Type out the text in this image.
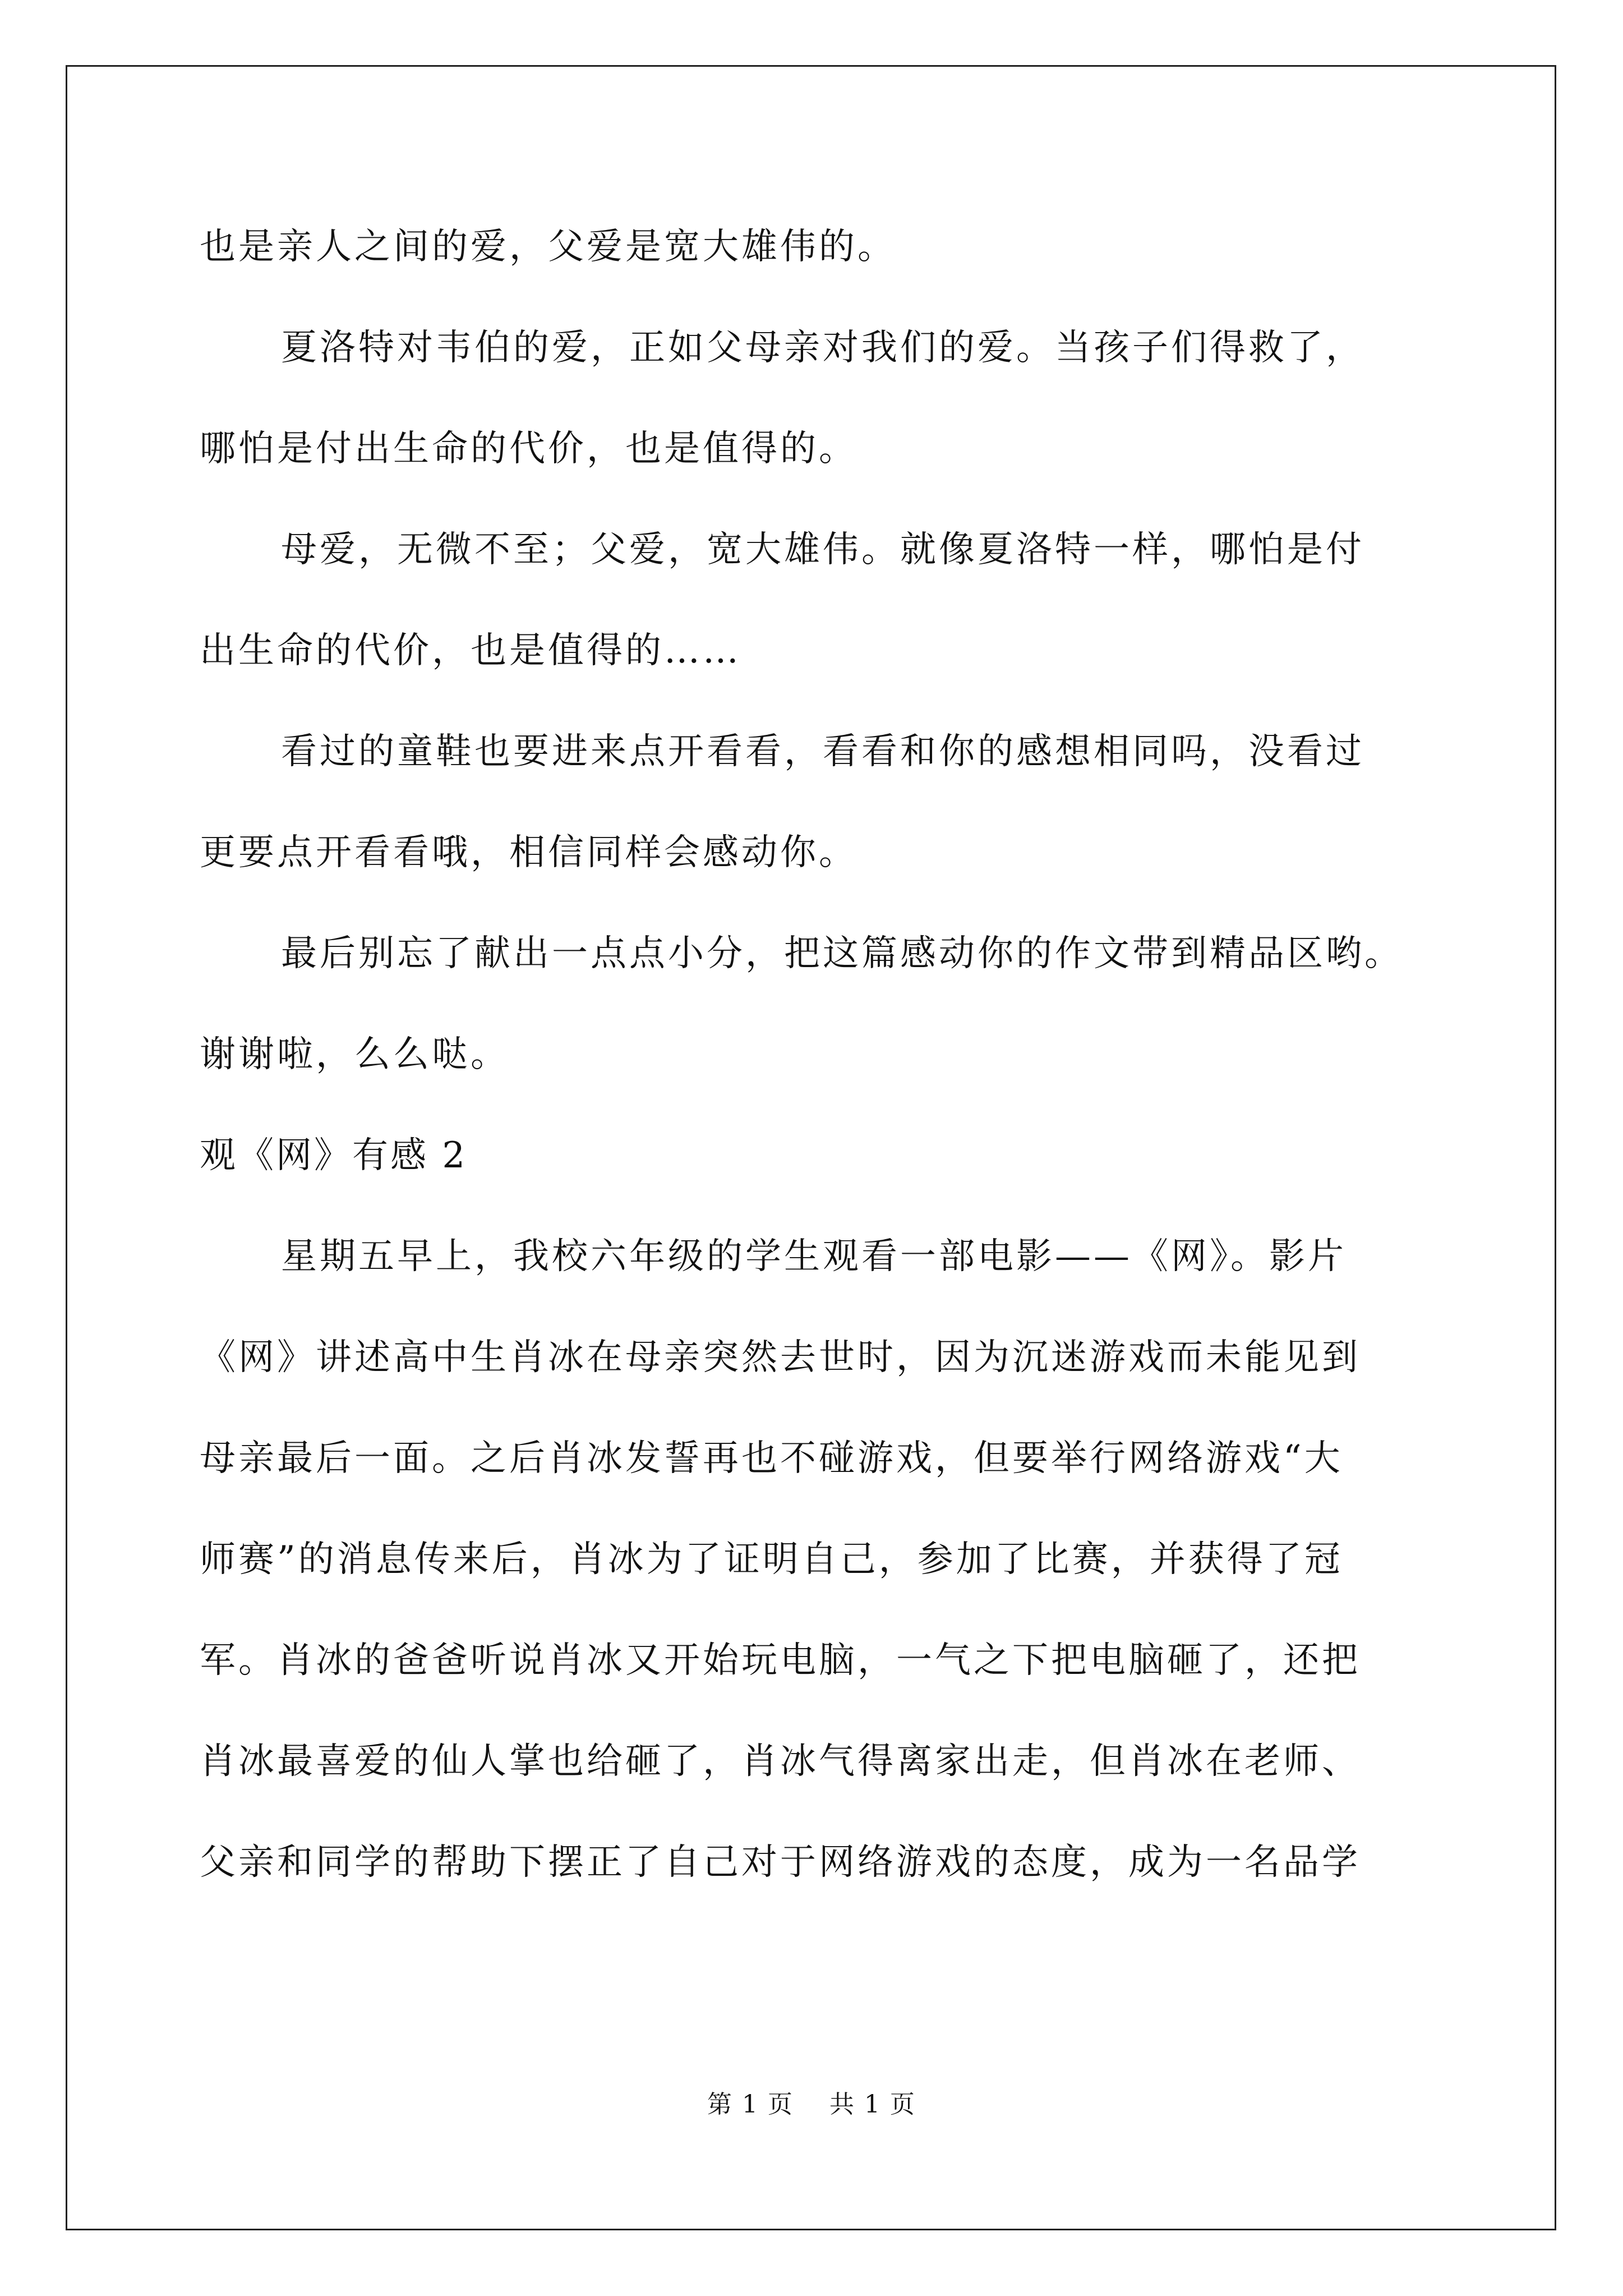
也是亲人之间的爱，父爱是宽大雄伟的。
夏洛特对韦伯的爱，正如父母亲对我们的爱。当孩子们得救了，
哪怕是付出生命的代价，也是值得的。
母爱，无微不至；父爱，宽大雄伟。就像夏洛特一样，哪怕是付
出生命的代价，也是值得的……
看过的童鞋也要进来点开看看，看看和你的感想相同吗，没看过
更要点开看看哦，相信同样会感动你。
最后别忘了献出一点点小分，把这篇感动你的作文带到精品区哟。
谢谢啦，么么哒。
观《网》有感 2
星期五早上，我校六年级的学生观看一部电影——《网》。影片
《网》讲述高中生肖冰在母亲突然去世时，因为沉迷游戏而未能见到
母亲最后一面。之后肖冰发誓再也不碰游戏，但要举行网络游戏“大
师赛”的消息传来后，肖冰为了证明自己，参加了比赛，并获得了冠
军。肖冰的爸爸听说肖冰又开始玩电脑，一气之下把电脑砸了，还把
肖冰最喜爱的仙人掌也给砸了，肖冰气得离家出走，但肖冰在老师、
父亲和同学的帮助下摆正了自己对于网络游戏的态度，成为一名品学
第 1 页    共 1 页
